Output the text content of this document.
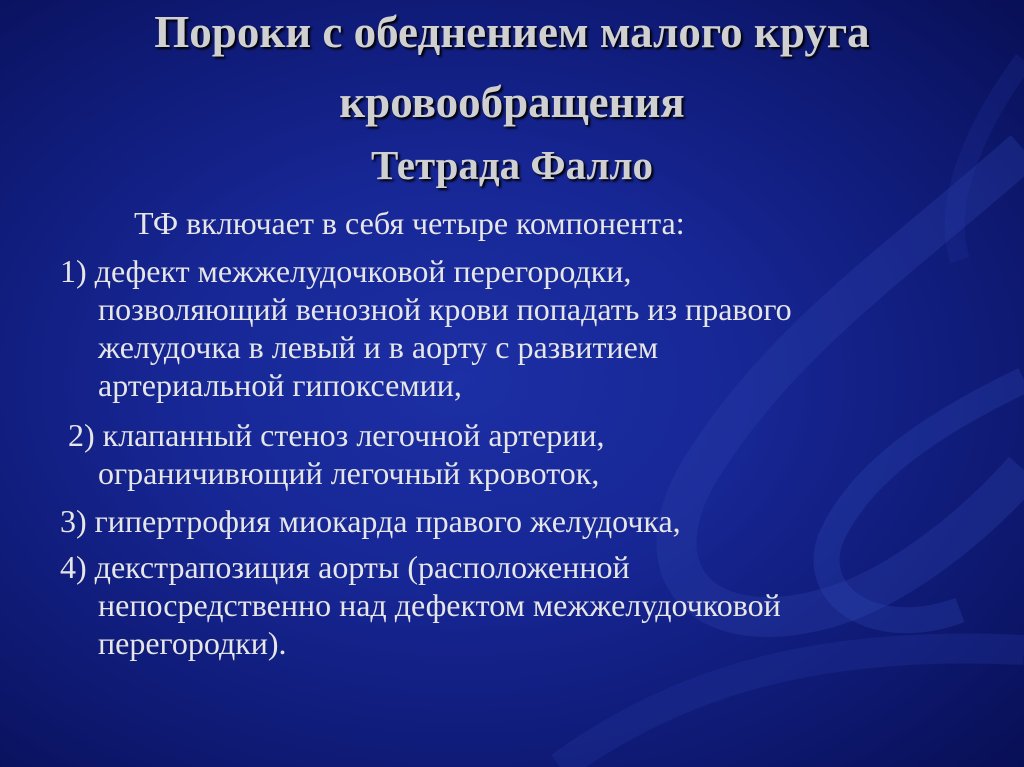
Пороки с обеднением малого круга
кровообращения
Тетрада Фалло
ТФ включает в себя четыре компонента:
1) дефект межжелудочковой перегородки,
позволяющий венозной крови попадать из правого
желудочка в левый и в аорту с развитием
артериальной гипоксемии,
2) клапанный стеноз легочной артерии,
ограничивющий легочный кровоток,
3) гипертрофия миокарда правого желудочка,
4) декстрапозиция аорты (расположенной
непосредственно над дефектом межжелудочковой
перегородки).
